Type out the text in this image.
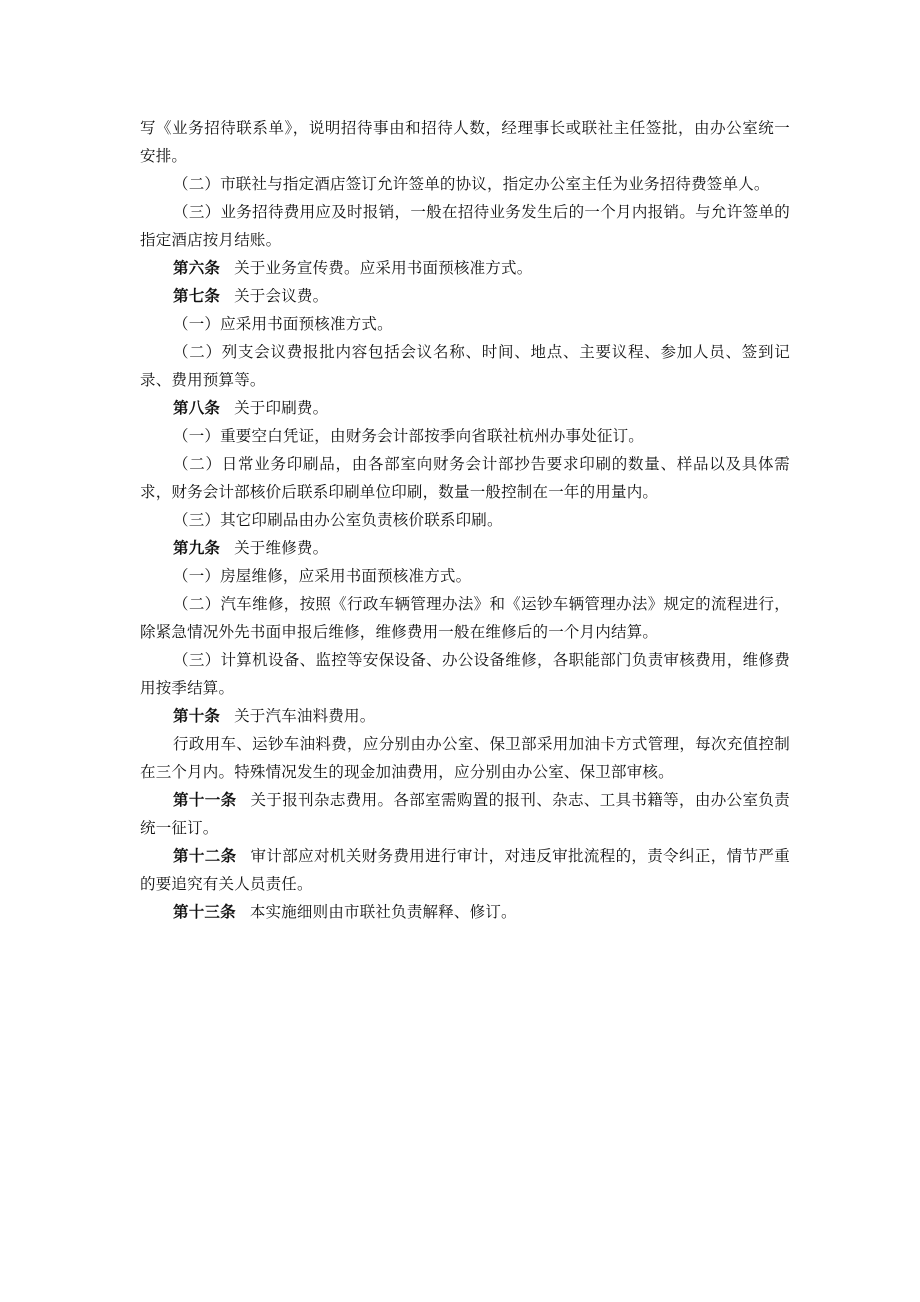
写《业务招待联系单》，说明招待事由和招待人数，经理事长或联社主任签批，由办公室统一安排。

（二）市联社与指定酒店签订允许签单的协议，指定办公室主任为业务招待费签单人。

（三）业务招待费用应及时报销，一般在招待业务发生后的一个月内报销。与允许签单的指定酒店按月结账。

第六条 关于业务宣传费。应采用书面预核准方式。

第七条 关于会议费。

（一）应采用书面预核准方式。

（二）列支会议费报批内容包括会议名称、时间、地点、主要议程、参加人员、签到记录、费用预算等。

第八条 关于印刷费。

（一）重要空白凭证，由财务会计部按季向省联社杭州办事处征订。

（二）日常业务印刷品，由各部室向财务会计部抄告要求印刷的数量、样品以及具体需求，财务会计部核价后联系印刷单位印刷，数量一般控制在一年的用量内。

（三）其它印刷品由办公室负责核价联系印刷。

第九条 关于维修费。

（一）房屋维修，应采用书面预核准方式。

（二）汽车维修，按照《行政车辆管理办法》和《运钞车辆管理办法》规定的流程进行，除紧急情况外先书面申报后维修，维修费用一般在维修后的一个月内结算。

（三）计算机设备、监控等安保设备、办公设备维修，各职能部门负责审核费用，维修费用按季结算。

第十条 关于汽车油料费用。

行政用车、运钞车油料费，应分别由办公室、保卫部采用加油卡方式管理，每次充值控制在三个月内。特殊情况发生的现金加油费用，应分别由办公室、保卫部审核。

第十一条 关于报刊杂志费用。各部室需购置的报刊、杂志、工具书籍等，由办公室负责统一征订。

第十二条 审计部应对机关财务费用进行审计，对违反审批流程的，责令纠正，情节严重的要追究有关人员责任。

第十三条 本实施细则由市联社负责解释、修订。
